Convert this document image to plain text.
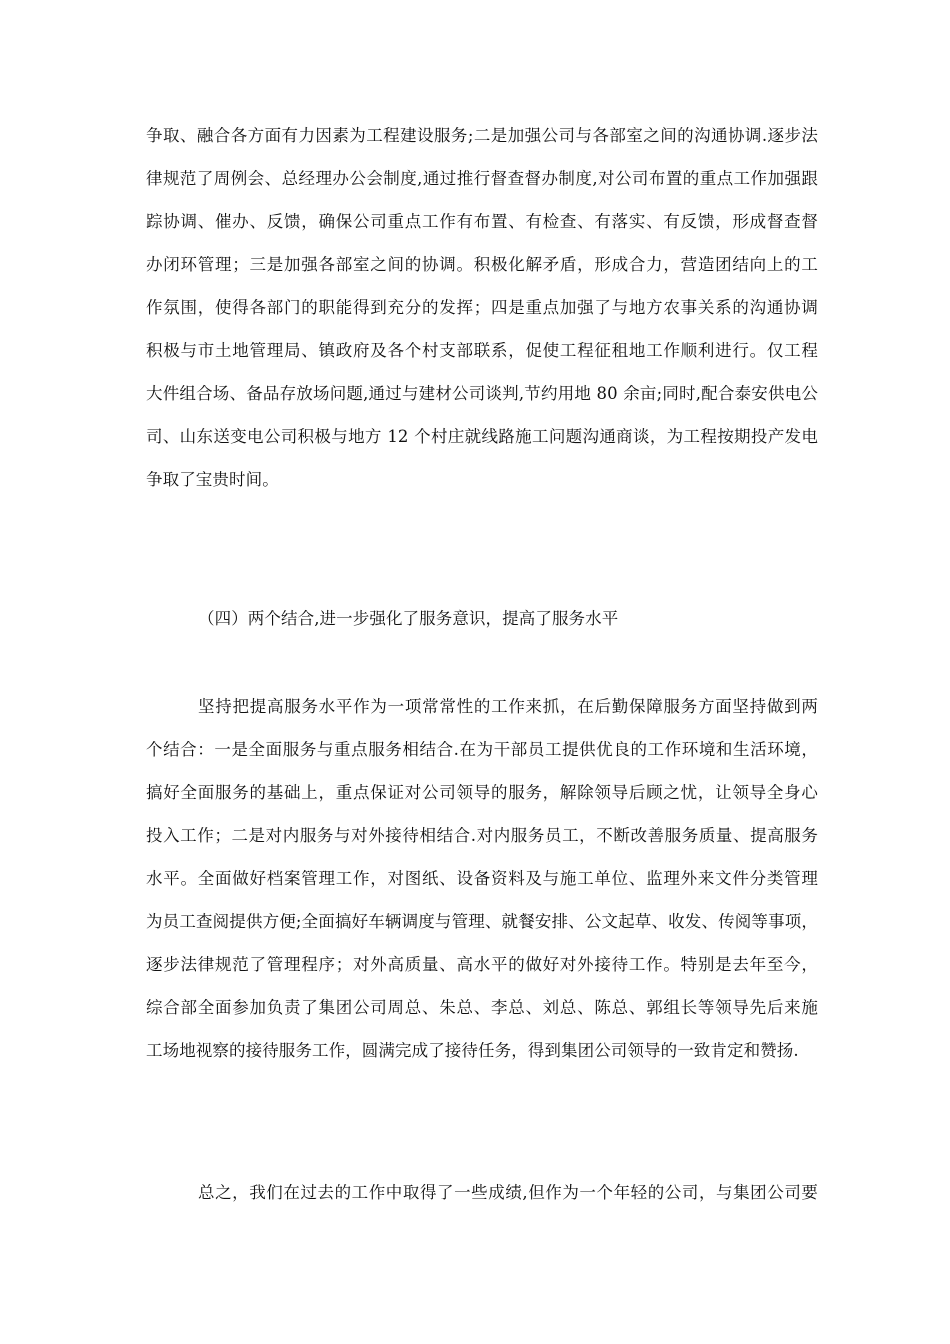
争取、融合各方面有力因素为工程建设服务;二是加强公司与各部室之间的沟通协调.逐步法
律规范了周例会、总经理办公会制度,通过推行督查督办制度,对公司布置的重点工作加强跟
踪协调、催办、反馈，确保公司重点工作有布置、有检查、有落实、有反馈，形成督查督
办闭环管理；三是加强各部室之间的协调。积极化解矛盾，形成合力，营造团结向上的工
作氛围，使得各部门的职能得到充分的发挥；四是重点加强了与地方农事关系的沟通协调
积极与市土地管理局、镇政府及各个村支部联系，促使工程征租地工作顺利进行。仅工程
大件组合场、备品存放场问题,通过与建材公司谈判,节约用地 80 余亩;同时,配合泰安供电公
司、山东送变电公司积极与地方 12 个村庄就线路施工问题沟通商谈，为工程按期投产发电
争取了宝贵时间。
（四）两个结合,进一步强化了服务意识，提高了服务水平
坚持把提高服务水平作为一项常常性的工作来抓，在后勤保障服务方面坚持做到两
个结合：一是全面服务与重点服务相结合.在为干部员工提供优良的工作环境和生活环境，
搞好全面服务的基础上，重点保证对公司领导的服务，解除领导后顾之忧，让领导全身心
投入工作；二是对内服务与对外接待相结合.对内服务员工，不断改善服务质量、提高服务
水平。全面做好档案管理工作，对图纸、设备资料及与施工单位、监理外来文件分类管理
为员工查阅提供方便;全面搞好车辆调度与管理、就餐安排、公文起草、收发、传阅等事项，
逐步法律规范了管理程序；对外高质量、高水平的做好对外接待工作。特别是去年至今，
综合部全面参加负责了集团公司周总、朱总、李总、刘总、陈总、郭组长等领导先后来施
工场地视察的接待服务工作，圆满完成了接待任务，得到集团公司领导的一致肯定和赞扬.
总之，我们在过去的工作中取得了一些成绩,但作为一个年轻的公司，与集团公司要
